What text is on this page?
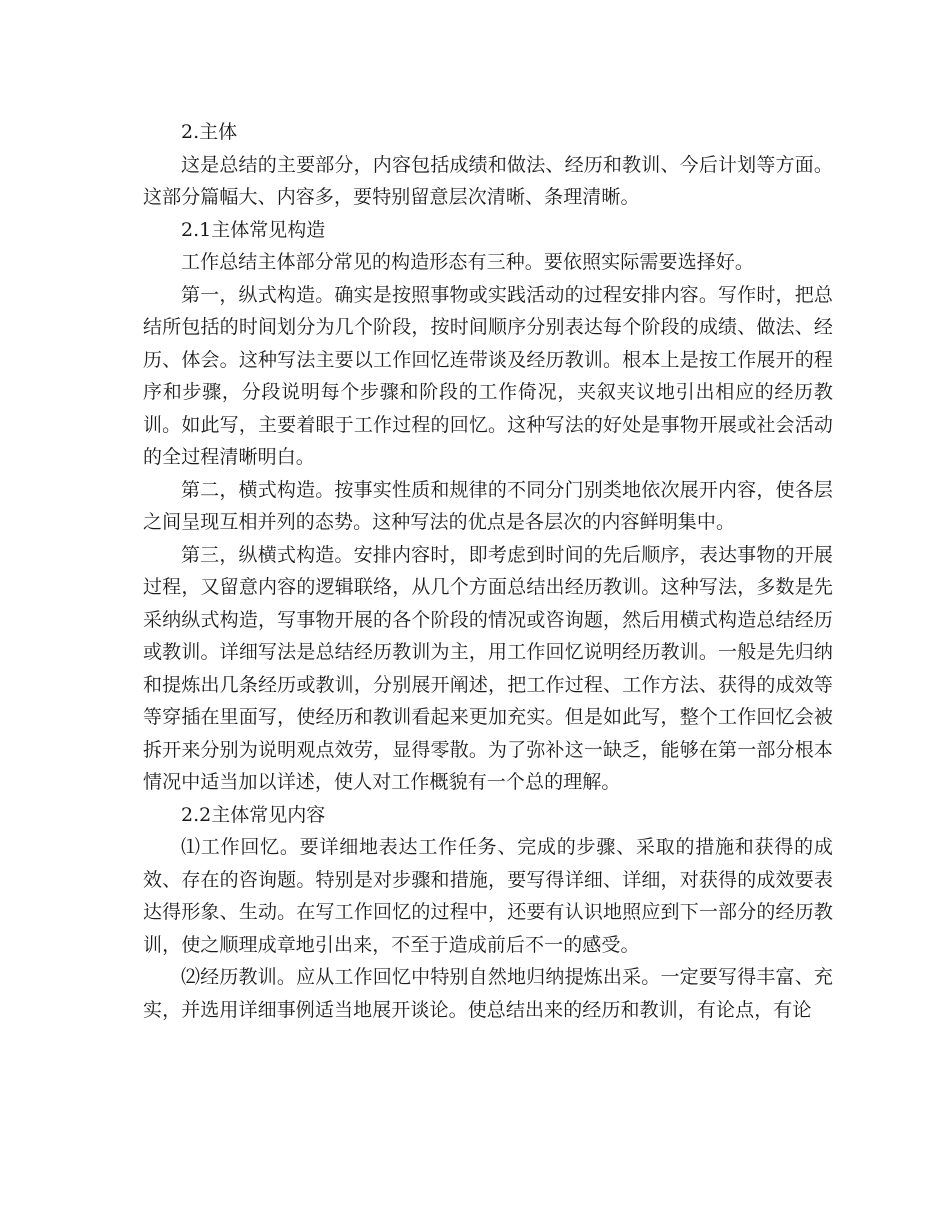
2.主体

这是总结的主要部分，内容包括成绩和做法、经历和教训、今后计划等方面。这部分篇幅大、内容多，要特别留意层次清晰、条理清晰。

2.1主体常见构造

工作总结主体部分常见的构造形态有三种。要依照实际需要选择好。

第一，纵式构造。确实是按照事物或实践活动的过程安排内容。写作时，把总结所包括的时间划分为几个阶段，按时间顺序分别表达每个阶段的成绩、做法、经历、体会。这种写法主要以工作回忆连带谈及经历教训。根本上是按工作展开的程序和步骤，分段说明每个步骤和阶段的工作倚况，夹叙夹议地引出相应的经历教训。如此写，主要着眼于工作过程的回忆。这种写法的好处是事物开展或社会活动的全过程清晰明白。

第二，横式构造。按事实性质和规律的不同分门别类地依次展开内容，使各层之间呈现互相并列的态势。这种写法的优点是各层次的内容鲜明集中。

第三，纵横式构造。安排内容时，即考虑到时间的先后顺序，表达事物的开展过程，又留意内容的逻辑联络，从几个方面总结出经历教训。这种写法，多数是先采纳纵式构造，写事物开展的各个阶段的情况或咨询题，然后用横式构造总结经历或教训。详细写法是总结经历教训为主，用工作回忆说明经历教训。一般是先归纳和提炼出几条经历或教训，分别展开阐述，把工作过程、工作方法、获得的成效等等穿插在里面写，使经历和教训看起来更加充实。但是如此写，整个工作回忆会被拆开来分别为说明观点效劳，显得零散。为了弥补这一缺乏，能够在第一部分根本情况中适当加以详述，使人对工作概貌有一个总的理解。

2.2主体常见内容

⑴工作回忆。要详细地表达工作任务、完成的步骤、采取的措施和获得的成效、存在的咨询题。特别是对步骤和措施，要写得详细、详细，对获得的成效要表达得形象、生动。在写工作回忆的过程中，还要有认识地照应到下一部分的经历教训，使之顺理成章地引出来，不至于造成前后不一的感受。

⑵经历教训。应从工作回忆中特别自然地归纳提炼出采。一定要写得丰富、充实，并选用详细事例适当地展开谈论。使总结出来的经历和教训，有论点，有论
